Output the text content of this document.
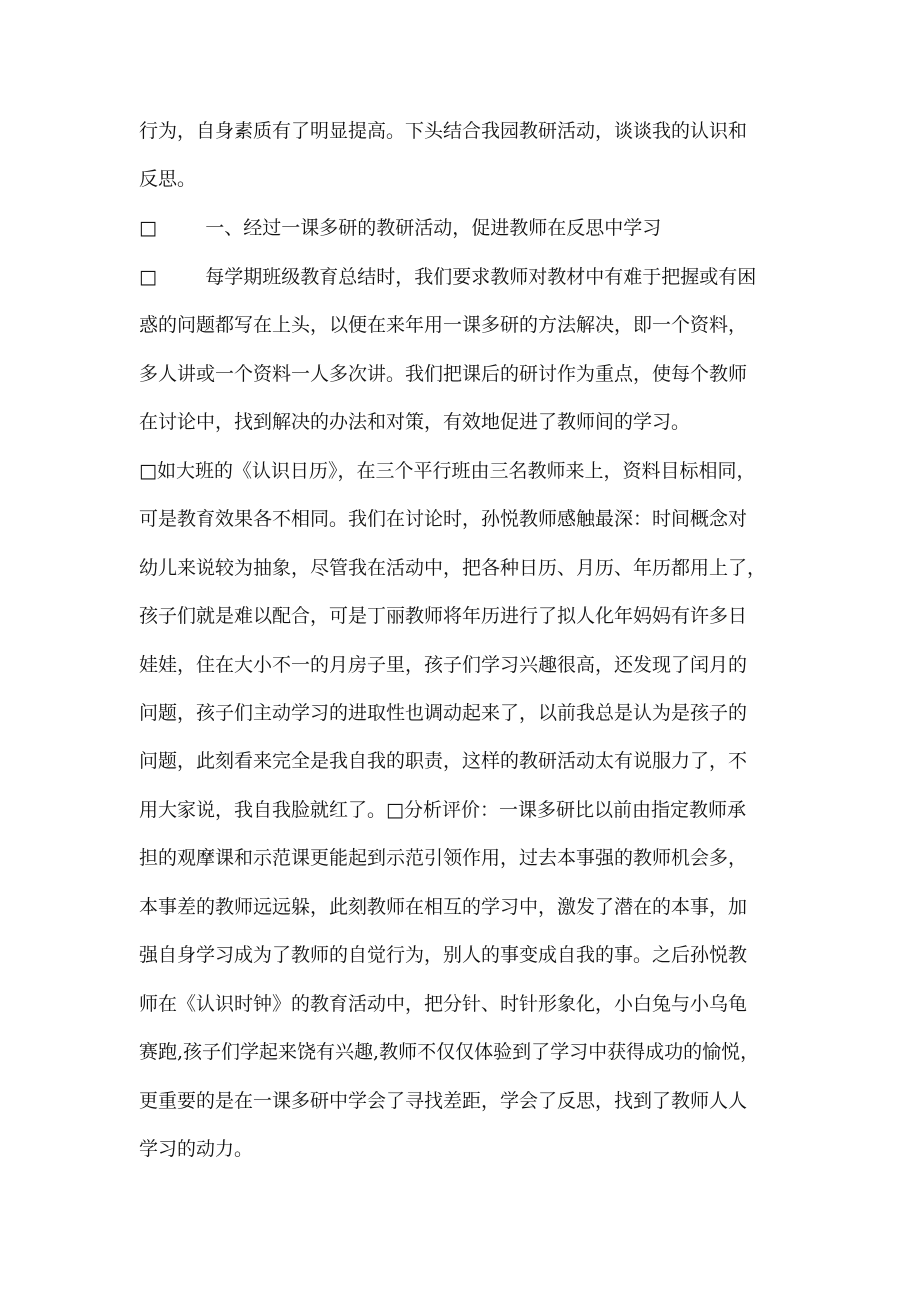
行为，自身素质有了明显提高。下头结合我园教研活动，谈谈我的认识和
反思。
□        一、经过一课多研的教研活动，促进教师在反思中学习
□        每学期班级教育总结时，我们要求教师对教材中有难于把握或有困
惑的问题都写在上头，以便在来年用一课多研的方法解决，即一个资料，
多人讲或一个资料一人多次讲。我们把课后的研讨作为重点，使每个教师
在讨论中，找到解决的办法和对策，有效地促进了教师间的学习。
□如大班的《认识日历》，在三个平行班由三名教师来上，资料目标相同，
可是教育效果各不相同。我们在讨论时，孙悦教师感触最深：时间概念对
幼儿来说较为抽象，尽管我在活动中，把各种日历、月历、年历都用上了，
孩子们就是难以配合，可是丁丽教师将年历进行了拟人化年妈妈有许多日
娃娃，住在大小不一的月房子里，孩子们学习兴趣很高，还发现了闰月的
问题，孩子们主动学习的进取性也调动起来了，以前我总是认为是孩子的
问题，此刻看来完全是我自我的职责，这样的教研活动太有说服力了，不
用大家说，我自我脸就红了。□分析评价：一课多研比以前由指定教师承
担的观摩课和示范课更能起到示范引领作用，过去本事强的教师机会多，
本事差的教师远远躲，此刻教师在相互的学习中，激发了潜在的本事，加
强自身学习成为了教师的自觉行为，别人的事变成自我的事。之后孙悦教
师在《认识时钟》的教育活动中，把分针、时针形象化，小白兔与小乌龟
赛跑,孩子们学起来饶有兴趣,教师不仅仅体验到了学习中获得成功的愉悦，
更重要的是在一课多研中学会了寻找差距，学会了反思，找到了教师人人
学习的动力。
